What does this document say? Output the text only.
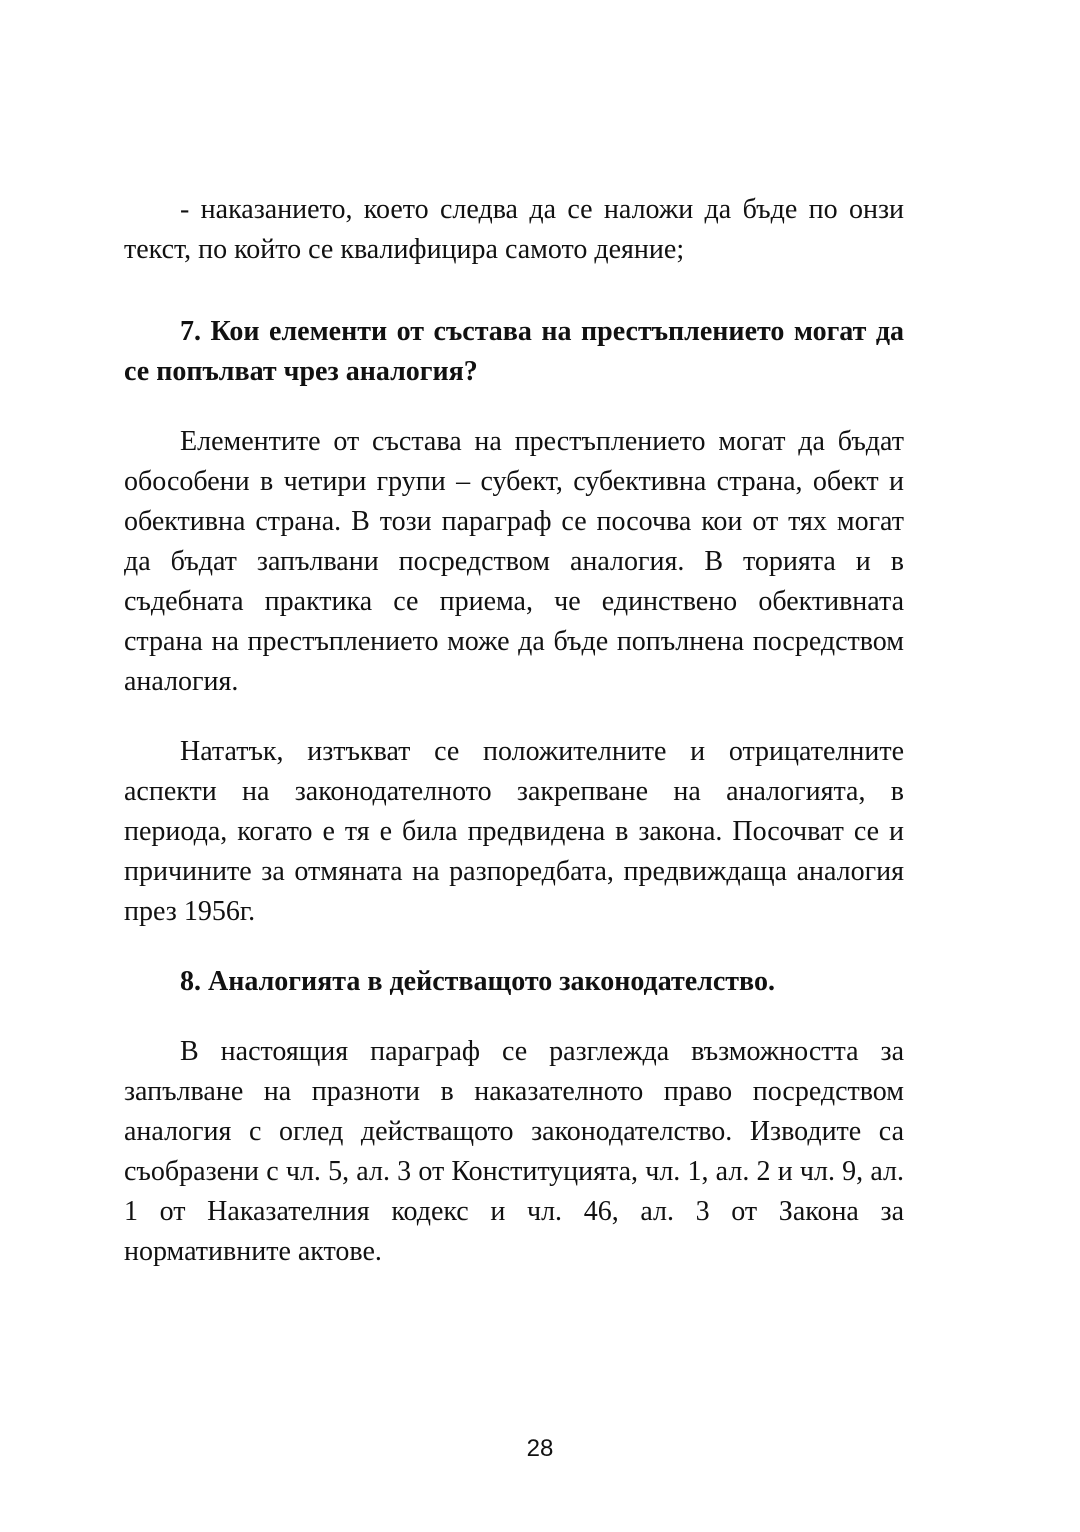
- наказанието, което следва да се наложи да бъде по онзи текст, по който се квалифицира самото деяние;

7. Кои елементи от състава на престъплението могат да се попълват чрез аналогия?

Елементите от състава на престъплението могат да бъдат обособени в четири групи – субект, субективна страна, обект и обективна страна. В този параграф се посочва кои от тях могат да бъдат запълвани посредством аналогия. В торията и в съдебната практика се приема, че единствено обективната страна на престъплението може да бъде попълнена посредством аналогия.

Нататък, изтъкват се положителните и отрицателните аспекти на законодателното закрепване на аналогията, в периода, когато е тя е била предвидена в закона. Посочват се и причините за отмяната на разпоредбата, предвиждаща аналогия през 1956г.

8. Аналогията в действащото законодателство.

В настоящия параграф се разглежда възможността за запълване на празноти в наказателното право посредством аналогия с оглед действащото законодателство. Изводите са съобразени с чл. 5, ал. 3 от Конституцията, чл. 1, ал. 2 и чл. 9, ал. 1 от Наказателния кодекс и чл. 46, ал. 3 от Закона за нормативните актове.

28
